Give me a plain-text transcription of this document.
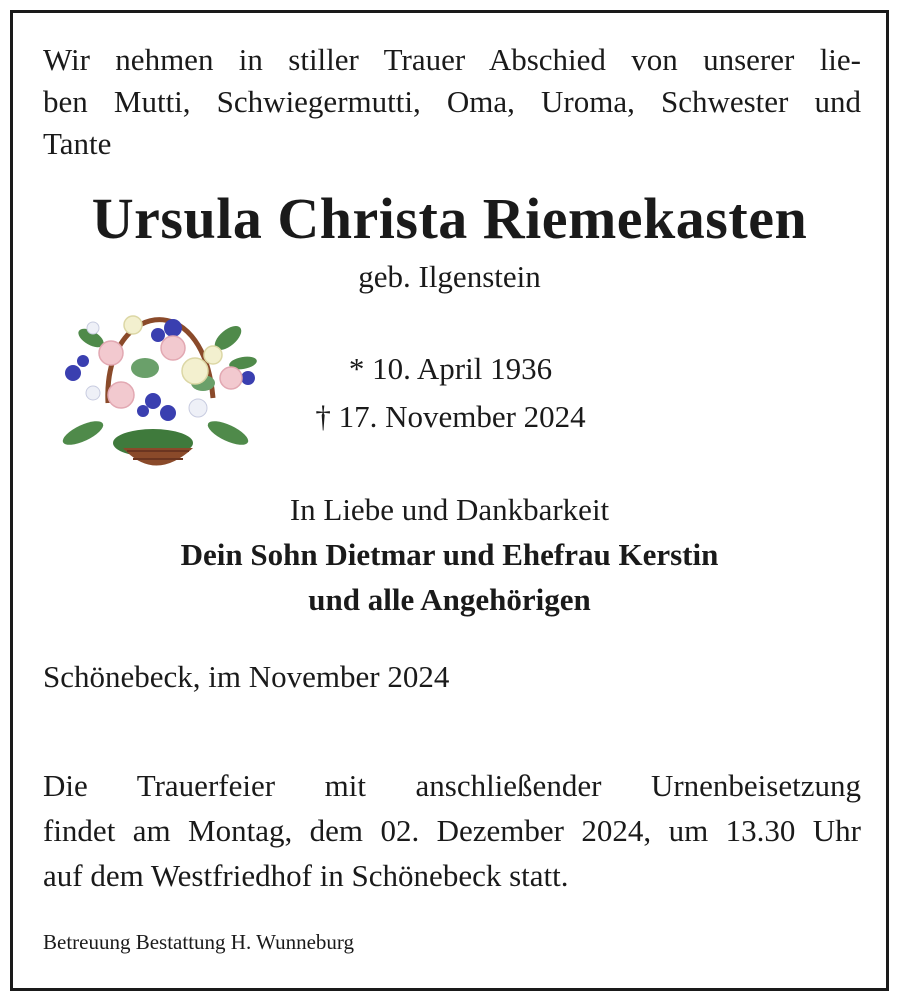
Wir nehmen in stiller Trauer Abschied von unserer lie-
ben Mutti, Schwiegermutti, Oma, Uroma, Schwester und
Tante
Ursula Christa Riemekasten
geb. Ilgenstein
* 10. April 1936
† 17. November 2024
In Liebe und Dankbarkeit
Dein Sohn Dietmar und Ehefrau Kerstin
und alle Angehörigen
Schönebeck, im November 2024
Die Trauerfeier mit anschließender Urnenbeisetzung
findet am Montag, dem 02. Dezember 2024, um 13.30 Uhr
auf dem Westfriedhof in Schönebeck statt.
Betreuung Bestattung H. Wunneburg
